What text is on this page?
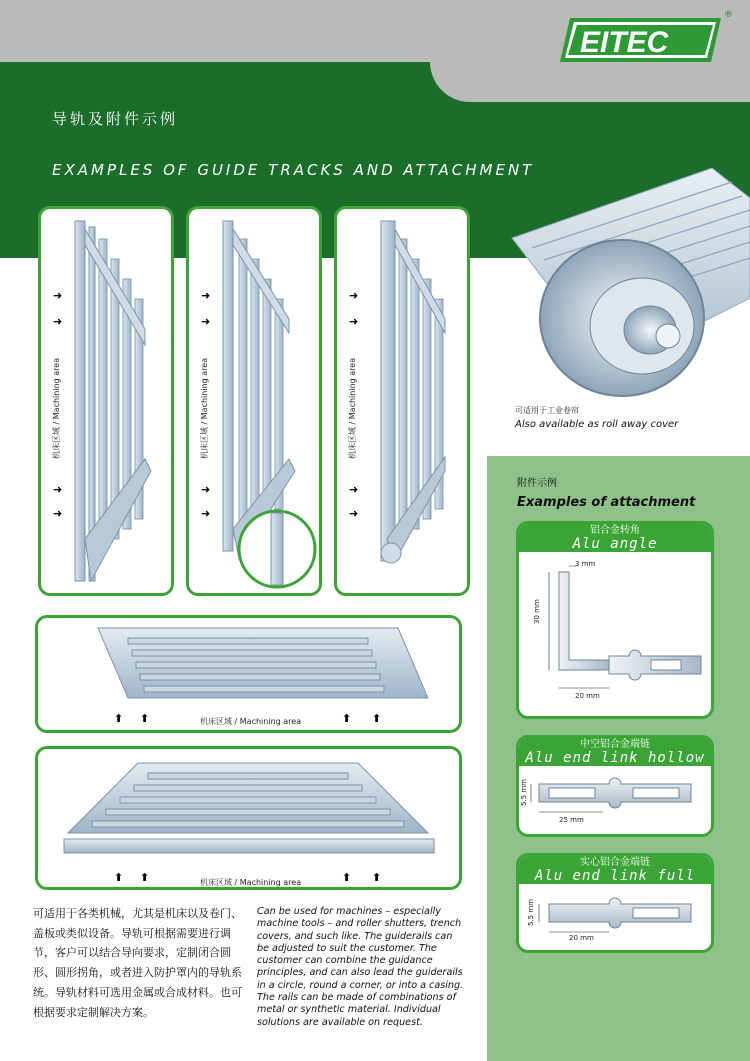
EITEC
®
导轨及附件示例
EXAMPLES OF GUIDE TRACKS AND ATTACHMENT
➜
➜
➜
➜
机床区域 / Machining area
➜
➜
➜
➜
机床区域 / Machining area
➜
➜
➜
➜
机床区域 / Machining area	可适用于工业卷帘
Also available as roll away cover
⬆ ⬆	⬆ ⬆
机床区域 / Machining area
⬆ ⬆	⬆ ⬆
机床区域 / Machining area
附件示例
Examples of attachment
铝合金转角
Alu angle
3 mm
30 mm
20 mm
中空铝合金端链
Alu end link hollow
5.5 mm
25 mm
实心铝合金端链
Alu end link full
5.5 mm
20 mm
可适用于各类机械，尤其是机床以及卷门、盖板或类似设备。导轨可根据需要进行调节，客户可以结合导向要求，定制闭合圆形、圆形拐角，或者进入防护罩内的导轨系统。导轨材料可选用金属或合成材料。也可根据要求定制解决方案。
Can be used for machines – especially machine tools – and roller shutters, trench covers, and such like. The guiderails can be adjusted to suit the customer. The customer can combine the guidance principles, and can also lead the guiderails in a circle, round a corner, or into a casing. The rails can be made of combinations of metal or synthetic material. Individual solutions are available on request.
